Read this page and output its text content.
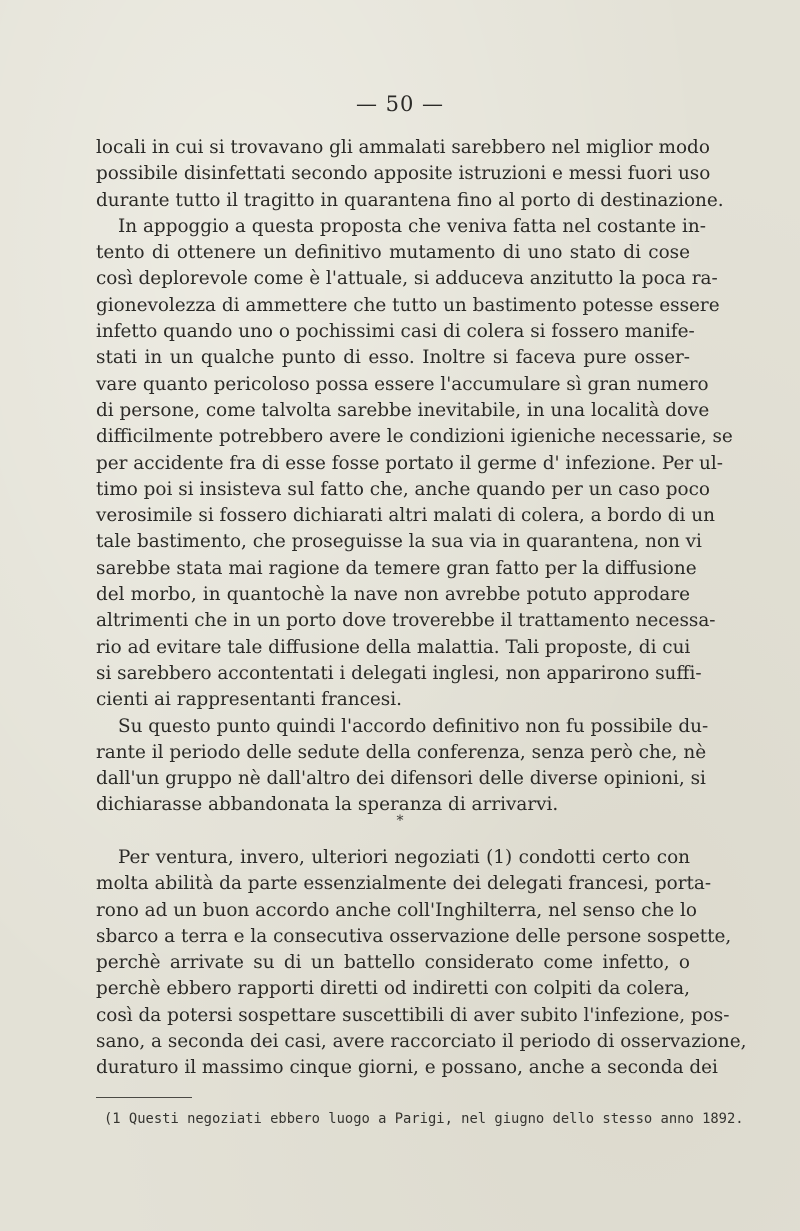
— 50 —
locali in cui si trovavano gli ammalati sarebbero nel miglior modo
possibile disinfettati secondo apposite istruzioni e messi fuori uso
durante tutto il tragitto in quarantena fino al porto di destinazione.
In appoggio a questa proposta che veniva fatta nel costante in-
tento di ottenere un definitivo mutamento di uno stato di cose
così deplorevole come è l'attuale, si adduceva anzitutto la poca ra-
gionevolezza di ammettere che tutto un bastimento potesse essere
infetto quando uno o pochissimi casi di colera si fossero manife-
stati in un qualche punto di esso. Inoltre si faceva pure osser-
vare quanto pericoloso possa essere l'accumulare sì gran numero
di persone, come talvolta sarebbe inevitabile, in una località dove
difficilmente potrebbero avere le condizioni igieniche necessarie, se
per accidente fra di esse fosse portato il germe d' infezione. Per ul-
timo poi si insisteva sul fatto che, anche quando per un caso poco
verosimile si fossero dichiarati altri malati di colera, a bordo di un
tale bastimento, che proseguisse la sua via in quarantena, non vi
sarebbe stata mai ragione da temere gran fatto per la diffusione
del morbo, in quantochè la nave non avrebbe potuto approdare
altrimenti che in un porto dove troverebbe il trattamento necessa-
rio ad evitare tale diffusione della malattia. Tali proposte, di cui
si sarebbero accontentati i delegati inglesi, non apparirono suffi-
cienti ai rappresentanti francesi.
Su questo punto quindi l'accordo definitivo non fu possibile du-
rante il periodo delle sedute della conferenza, senza però che, nè
dall'un gruppo nè dall'altro dei difensori delle diverse opinioni, si
dichiarasse abbandonata la speranza di arrivarvi.
*
Per ventura, invero, ulteriori negoziati (1) condotti certo con
molta abilità da parte essenzialmente dei delegati francesi, porta-
rono ad un buon accordo anche coll'Inghilterra, nel senso che lo
sbarco a terra e la consecutiva osservazione delle persone sospette,
perchè arrivate su di un battello considerato come infetto, o
perchè ebbero rapporti diretti od indiretti con colpiti da colera,
così da potersi sospettare suscettibili di aver subito l'infezione, pos-
sano, a seconda dei casi, avere raccorciato il periodo di osservazione,
duraturo il massimo cinque giorni, e possano, anche a seconda dei
(1 Questi negoziati ebbero luogo a Parigi, nel giugno dello stesso anno 1892.
